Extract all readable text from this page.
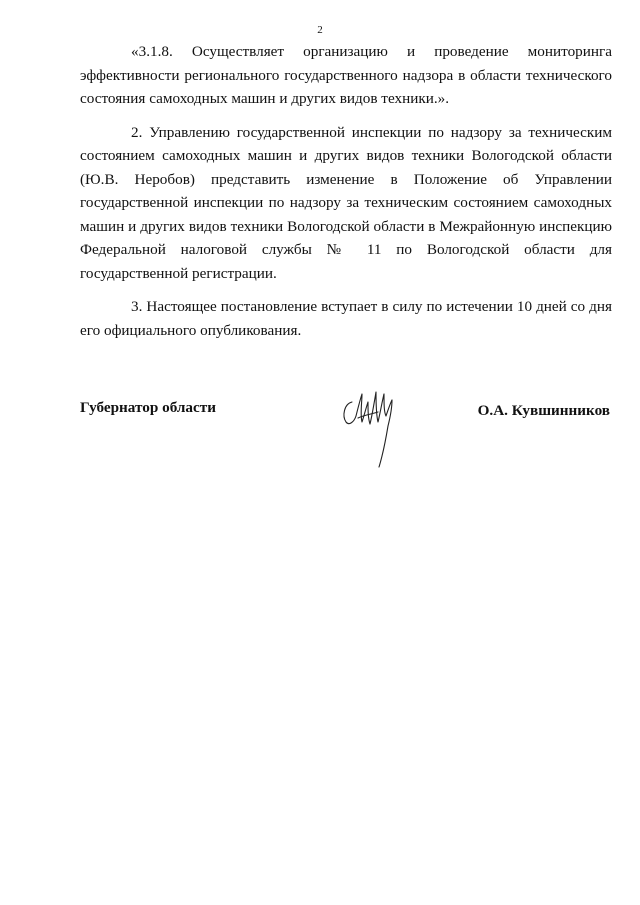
2

«3.1.8. Осуществляет организацию и проведение мониторинга эффективности регионального государственного надзора в области технического состояния самоходных машин и других видов техники.».

2. Управлению государственной инспекции по надзору за техническим состоянием самоходных машин и других видов техники Вологодской области (Ю.В. Неробов) представить изменение в Положение об Управлении государственной инспекции по надзору за техническим состоянием самоходных машин и других видов техники Вологодской области в Межрайонную инспекцию Федеральной налоговой службы № 11 по Вологодской области для государственной регистрации.

3. Настоящее постановление вступает в силу по истечении 10 дней со дня его официального опубликования.

Губернатор области	О.А. Кувшинников
